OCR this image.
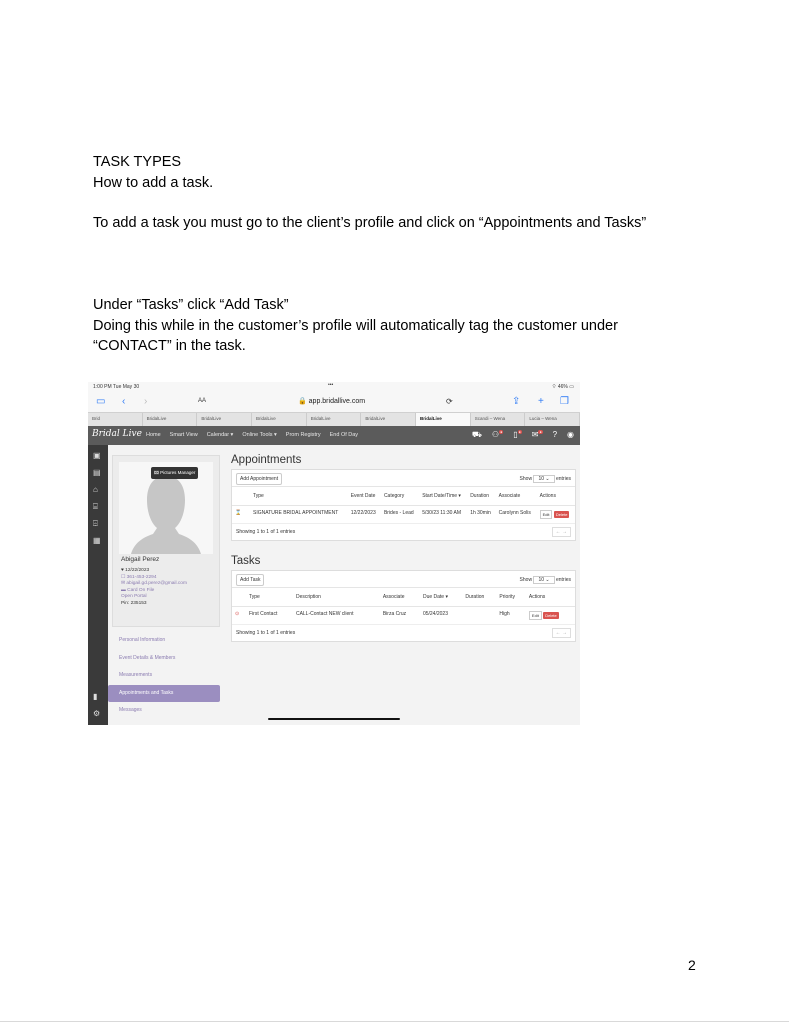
TASK TYPES
How to add a task.
To add a task you must go to the client’s profile and click on “Appointments and Tasks”
Under “Tasks” click “Add Task”
Doing this while in the customer’s profile will automatically tag the customer under
“CONTACT” in the task.
1:00 PM Tue May 30	•••	⌔ 46% ▭
▭ ‹ ›	AA	🔒 app.bridallive.com	⟳	⇪ + ❐
Brid	BridalLive	BridalLive	BridalLive	BridalLive	BridalLive	BridalLive	Scandi – Wena	Lucia – Wena
Bridal Live Home Smart View Calendar ▾ Online Tools ▾ Prom Registry End Of Day	⛟ ⚇● ▯● ✉● ? ◉
▣
▤
⌂
⌸
⌹
▦
▮
⚙
🖾 Pictures Manager
Abigail Perez
♥ 12/22/2023
☐ 361-453-2294
✉ abigail.gd.perez@gmail.com
▬ Card On File
Open Portal
Pin: 235153
Personal Information
Event Details & Members
Measurements
Appointments and Tasks
Messages
Appointments
Add Appointment	Show 10 ⌄ entries
	Type	Event Date	Category	Start Date/Time ▾	Duration	Associate	Actions
⌛	SIGNATURE BRIDAL APPOINTMENT	12/22/2023	Brides - Lead	5/30/23 11:30 AM	1h 30min	Carolynn Solis	Edit Delete
Showing 1 to 1 of 1 entries	← →
Tasks
Add Task	Show 10 ⌄ entries
	Type	Description	Associate	Due Date ▾	Duration	Priority	Actions
⊙	First Contact	CALL-Contact NEW client	Birza Cruz	05/24/2023		High	Edit Delete
Showing 1 to 1 of 1 entries	← →
2
